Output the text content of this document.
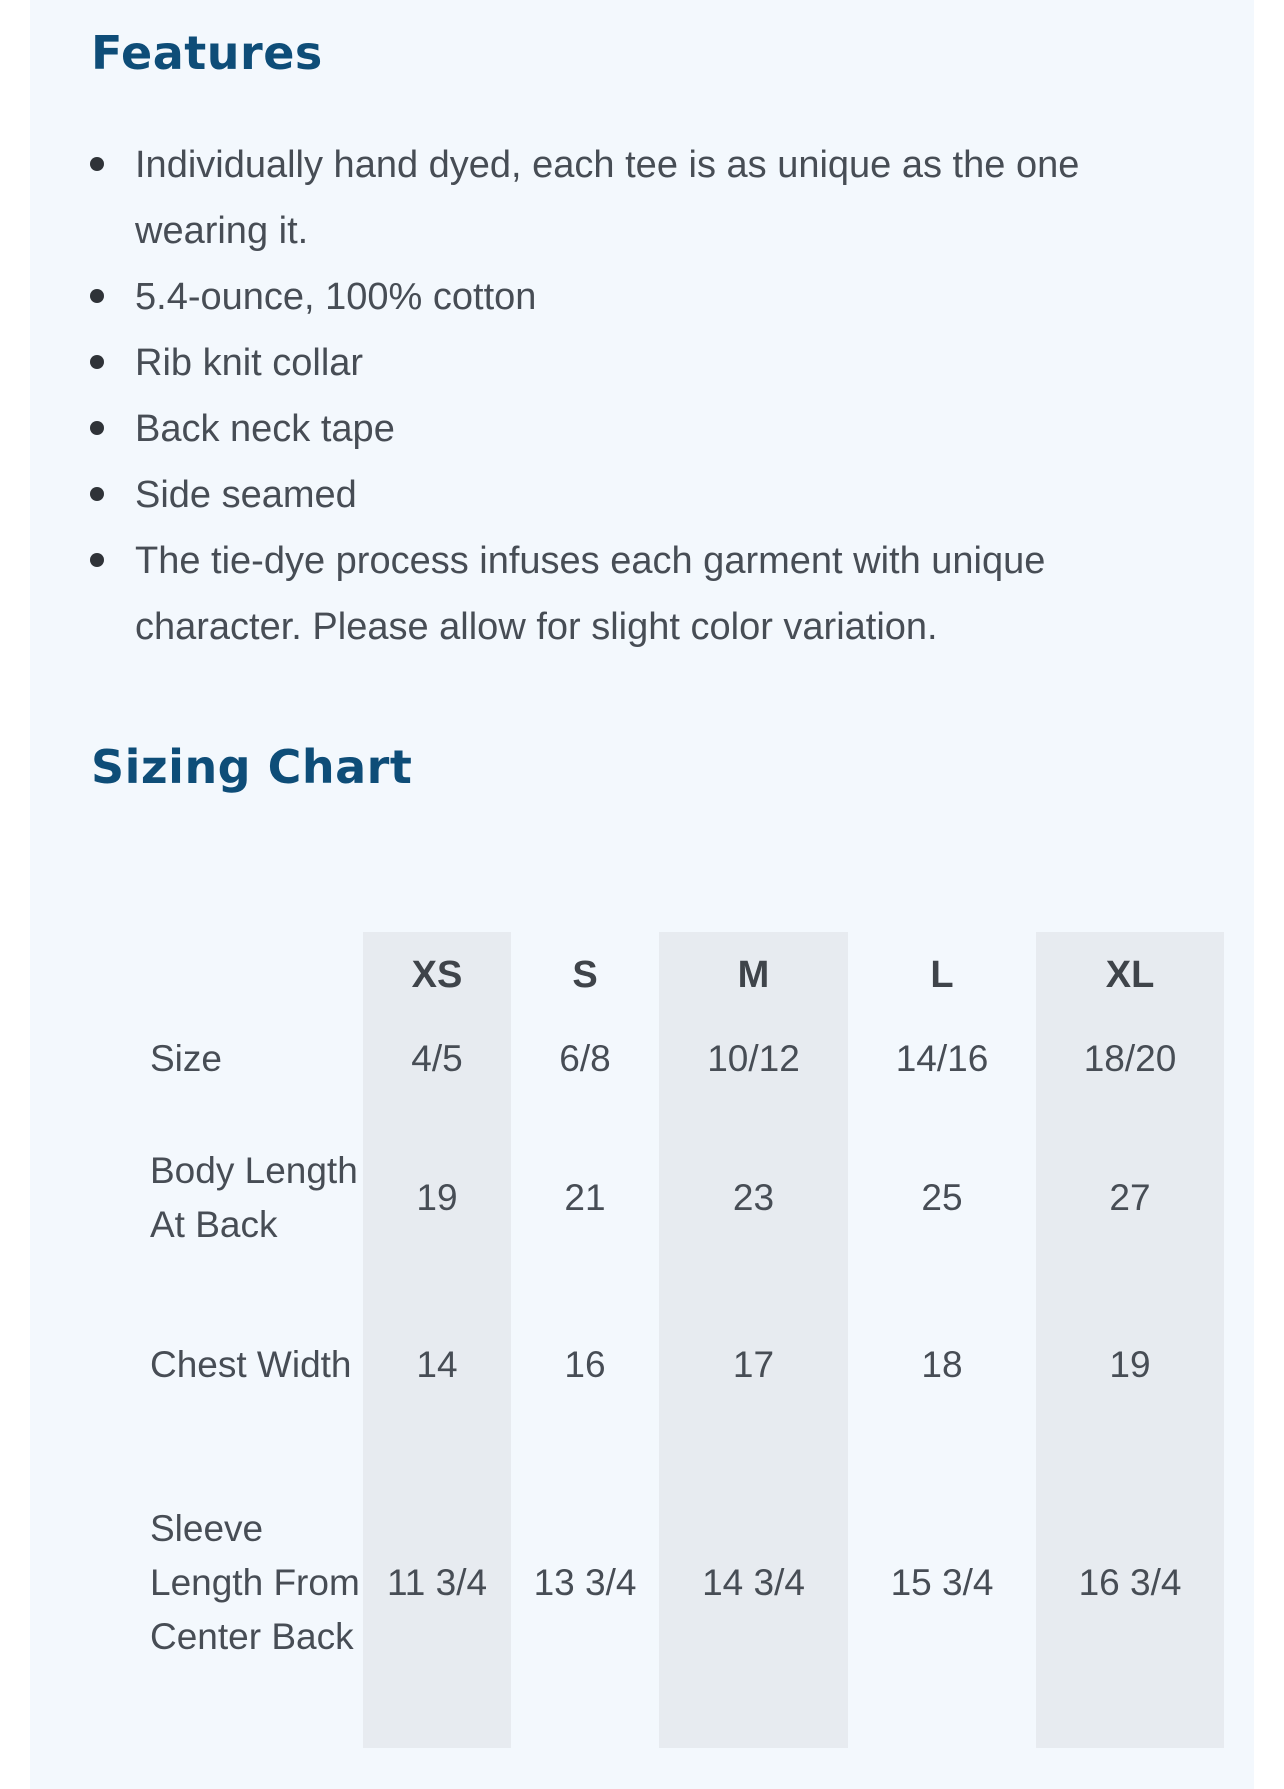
Features
Individually hand dyed, each tee is as unique as the one wearing it.
5.4-ounce, 100% cotton
Rib knit collar
Back neck tape
Side seamed
The tie-dye process infuses each garment with unique character. Please allow for slight color variation.
Sizing Chart
	XS	S	M	L	XL
Size	4/5	6/8	10/12	14/16	18/20
Body Length At Back	19	21	23	25	27
Chest Width	14	16	17	18	19
Sleeve Length From Center Back	11 3/4	13 3/4	14 3/4	15 3/4	16 3/4
